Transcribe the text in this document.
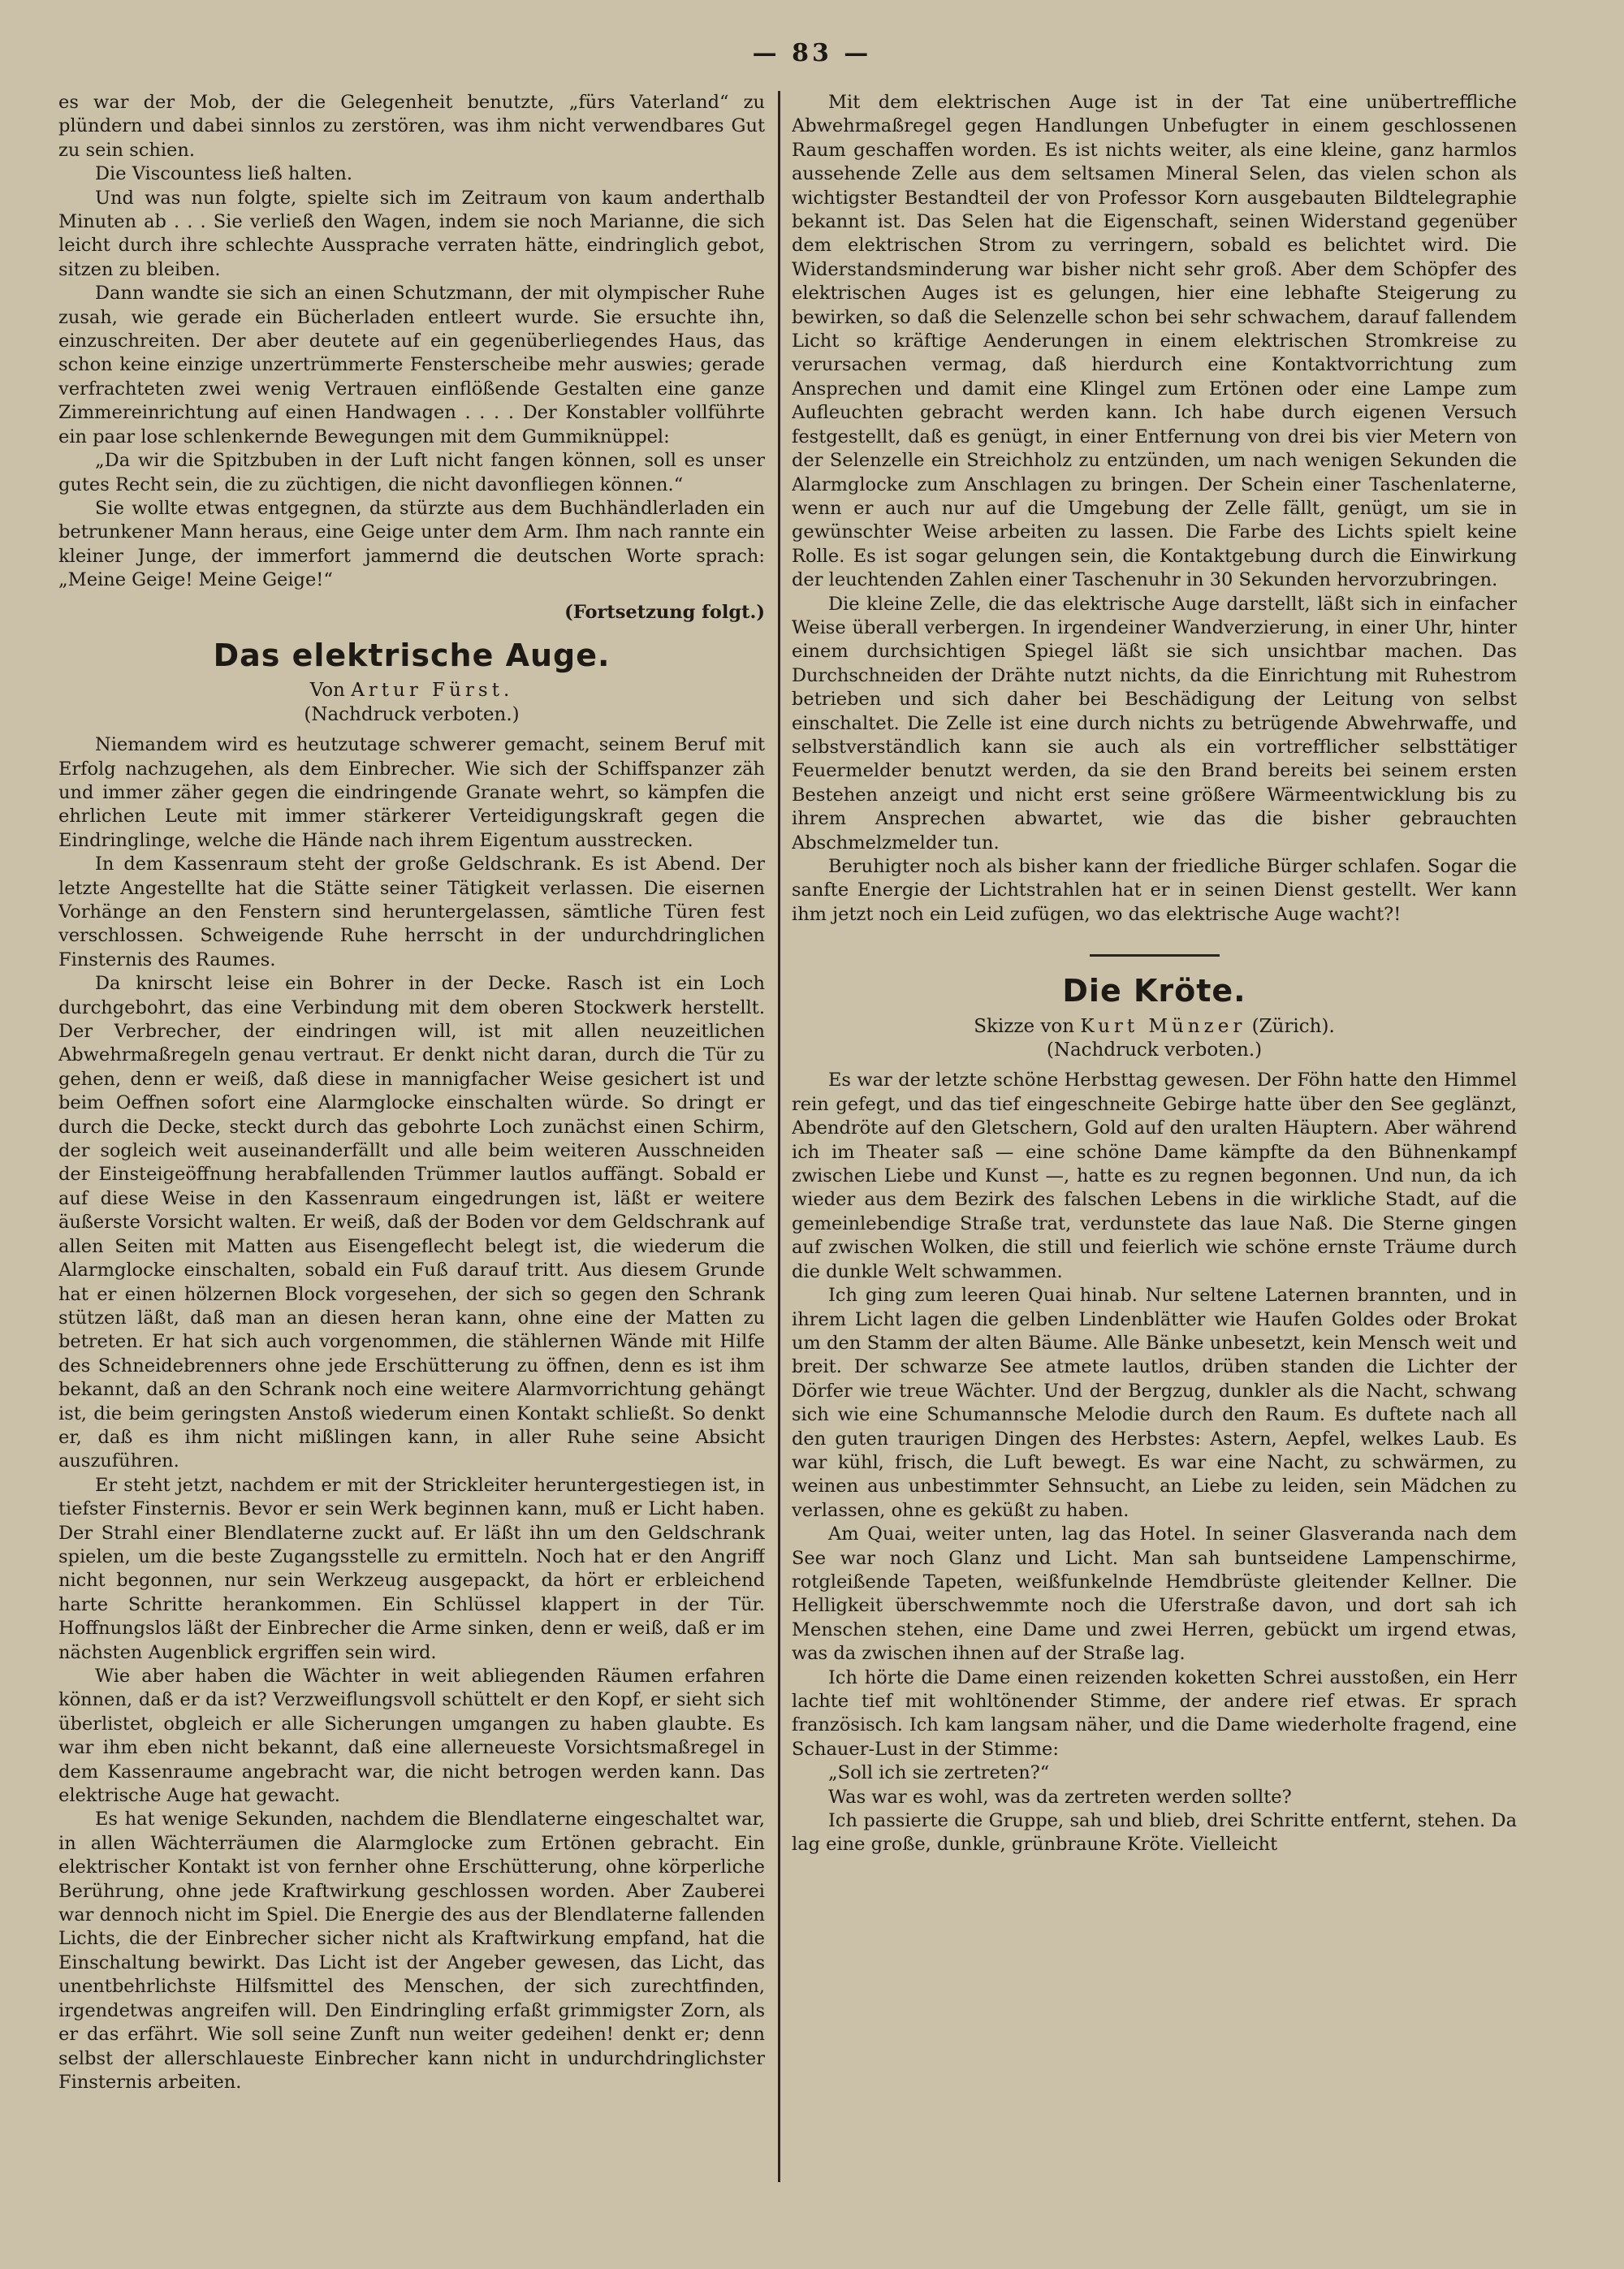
— 83 —

es war der Mob, der die Gelegenheit benutzte, „fürs Vaterland“ zu plündern und dabei sinnlos zu zerstören, was ihm nicht verwendbares Gut zu sein schien.

Die Viscountess ließ halten.

Und was nun folgte, spielte sich im Zeitraum von kaum anderthalb Minuten ab . . . Sie verließ den Wagen, indem sie noch Marianne, die sich leicht durch ihre schlechte Aussprache verraten hätte, eindringlich gebot, sitzen zu bleiben.

Dann wandte sie sich an einen Schutzmann, der mit olympischer Ruhe zusah, wie gerade ein Bücherladen entleert wurde. Sie ersuchte ihn, einzuschreiten. Der aber deutete auf ein gegenüberliegendes Haus, das schon keine einzige unzertrümmerte Fensterscheibe mehr auswies; gerade verfrachteten zwei wenig Vertrauen einflößende Gestalten eine ganze Zimmereinrichtung auf einen Handwagen . . . . Der Konstabler vollführte ein paar lose schlenkernde Bewegungen mit dem Gummiknüppel:

„Da wir die Spitzbuben in der Luft nicht fangen können, soll es unser gutes Recht sein, die zu züchtigen, die nicht davonfliegen können.“

Sie wollte etwas entgegnen, da stürzte aus dem Buchhändlerladen ein betrunkener Mann heraus, eine Geige unter dem Arm. Ihm nach rannte ein kleiner Junge, der immerfort jammernd die deutschen Worte sprach: „Meine Geige! Meine Geige!“

(Fortsetzung folgt.)
Das elektrische Auge.
Von Artur Fürst.
(Nachdruck verboten.)

Niemandem wird es heutzutage schwerer gemacht, seinem Beruf mit Erfolg nachzugehen, als dem Einbrecher. Wie sich der Schiffspanzer zäh und immer zäher gegen die eindringende Granate wehrt, so kämpfen die ehrlichen Leute mit immer stärkerer Verteidigungskraft gegen die Eindringlinge, welche die Hände nach ihrem Eigentum ausstrecken.

In dem Kassenraum steht der große Geldschrank. Es ist Abend. Der letzte Angestellte hat die Stätte seiner Tätigkeit verlassen. Die eisernen Vorhänge an den Fenstern sind heruntergelassen, sämtliche Türen fest verschlossen. Schweigende Ruhe herrscht in der undurchdringlichen Finsternis des Raumes.

Da knirscht leise ein Bohrer in der Decke. Rasch ist ein Loch durchgebohrt, das eine Verbindung mit dem oberen Stockwerk herstellt. Der Verbrecher, der eindringen will, ist mit allen neuzeitlichen Abwehrmaßregeln genau vertraut. Er denkt nicht daran, durch die Tür zu gehen, denn er weiß, daß diese in mannigfacher Weise gesichert ist und beim Oeffnen sofort eine Alarmglocke einschalten würde. So dringt er durch die Decke, steckt durch das gebohrte Loch zunächst einen Schirm, der sogleich weit auseinanderfällt und alle beim weiteren Ausschneiden der Einsteigeöffnung herabfallenden Trümmer lautlos auffängt. Sobald er auf diese Weise in den Kassenraum eingedrungen ist, läßt er weitere äußerste Vorsicht walten. Er weiß, daß der Boden vor dem Geldschrank auf allen Seiten mit Matten aus Eisengeflecht belegt ist, die wiederum die Alarmglocke einschalten, sobald ein Fuß darauf tritt. Aus diesem Grunde hat er einen hölzernen Block vorgesehen, der sich so gegen den Schrank stützen läßt, daß man an diesen heran kann, ohne eine der Matten zu betreten. Er hat sich auch vorgenommen, die stählernen Wände mit Hilfe des Schneidebrenners ohne jede Erschütterung zu öffnen, denn es ist ihm bekannt, daß an den Schrank noch eine weitere Alarmvorrichtung gehängt ist, die beim geringsten Anstoß wiederum einen Kontakt schließt. So denkt er, daß es ihm nicht mißlingen kann, in aller Ruhe seine Absicht auszuführen.

Er steht jetzt, nachdem er mit der Strickleiter heruntergestiegen ist, in tiefster Finsternis. Bevor er sein Werk beginnen kann, muß er Licht haben. Der Strahl einer Blendlaterne zuckt auf. Er läßt ihn um den Geldschrank spielen, um die beste Zugangsstelle zu ermitteln. Noch hat er den Angriff nicht begonnen, nur sein Werkzeug ausgepackt, da hört er erbleichend harte Schritte herankommen. Ein Schlüssel klappert in der Tür. Hoffnungslos läßt der Einbrecher die Arme sinken, denn er weiß, daß er im nächsten Augenblick ergriffen sein wird.

Wie aber haben die Wächter in weit abliegenden Räumen erfahren können, daß er da ist? Verzweiflungsvoll schüttelt er den Kopf, er sieht sich überlistet, obgleich er alle Sicherungen umgangen zu haben glaubte. Es war ihm eben nicht bekannt, daß eine allerneueste Vorsichtsmaßregel in dem Kassenraume angebracht war, die nicht betrogen werden kann. Das elektrische Auge hat gewacht.

Es hat wenige Sekunden, nachdem die Blendlaterne eingeschaltet war, in allen Wächterräumen die Alarmglocke zum Ertönen gebracht. Ein elektrischer Kontakt ist von fernher ohne Erschütterung, ohne körperliche Berührung, ohne jede Kraftwirkung geschlossen worden. Aber Zauberei war dennoch nicht im Spiel. Die Energie des aus der Blendlaterne fallenden Lichts, die der Einbrecher sicher nicht als Kraftwirkung empfand, hat die Einschaltung bewirkt. Das Licht ist der Angeber gewesen, das Licht, das unentbehrlichste Hilfsmittel des Menschen, der sich zurechtfinden, irgendetwas angreifen will. Den Eindringling erfaßt grimmigster Zorn, als er das erfährt. Wie soll seine Zunft nun weiter gedeihen! denkt er; denn selbst der allerschlaueste Einbrecher kann nicht in undurchdringlichster Finsternis arbeiten.

Mit dem elektrischen Auge ist in der Tat eine unübertreffliche Abwehrmaßregel gegen Handlungen Unbefugter in einem geschlossenen Raum geschaffen worden. Es ist nichts weiter, als eine kleine, ganz harmlos aussehende Zelle aus dem seltsamen Mineral Selen, das vielen schon als wichtigster Bestandteil der von Professor Korn ausgebauten Bildtelegraphie bekannt ist. Das Selen hat die Eigenschaft, seinen Widerstand gegenüber dem elektrischen Strom zu verringern, sobald es belichtet wird. Die Widerstandsminderung war bisher nicht sehr groß. Aber dem Schöpfer des elektrischen Auges ist es gelungen, hier eine lebhafte Steigerung zu bewirken, so daß die Selenzelle schon bei sehr schwachem, darauf fallendem Licht so kräftige Aenderungen in einem elektrischen Stromkreise zu verursachen vermag, daß hierdurch eine Kontaktvorrichtung zum Ansprechen und damit eine Klingel zum Ertönen oder eine Lampe zum Aufleuchten gebracht werden kann. Ich habe durch eigenen Versuch festgestellt, daß es genügt, in einer Entfernung von drei bis vier Metern von der Selenzelle ein Streichholz zu entzünden, um nach wenigen Sekunden die Alarmglocke zum Anschlagen zu bringen. Der Schein einer Taschenlaterne, wenn er auch nur auf die Umgebung der Zelle fällt, genügt, um sie in gewünschter Weise arbeiten zu lassen. Die Farbe des Lichts spielt keine Rolle. Es ist sogar gelungen sein, die Kontaktgebung durch die Einwirkung der leuchtenden Zahlen einer Taschenuhr in 30 Sekunden hervorzubringen.

Die kleine Zelle, die das elektrische Auge darstellt, läßt sich in einfacher Weise überall verbergen. In irgendeiner Wandverzierung, in einer Uhr, hinter einem durchsichtigen Spiegel läßt sie sich unsichtbar machen. Das Durchschneiden der Drähte nutzt nichts, da die Einrichtung mit Ruhestrom betrieben und sich daher bei Beschädigung der Leitung von selbst einschaltet. Die Zelle ist eine durch nichts zu betrügende Abwehrwaffe, und selbstverständlich kann sie auch als ein vortrefflicher selbsttätiger Feuermelder benutzt werden, da sie den Brand bereits bei seinem ersten Bestehen anzeigt und nicht erst seine größere Wärmeentwicklung bis zu ihrem Ansprechen abwartet, wie das die bisher gebrauchten Abschmelzmelder tun.

Beruhigter noch als bisher kann der friedliche Bürger schlafen. Sogar die sanfte Energie der Lichtstrahlen hat er in seinen Dienst gestellt. Wer kann ihm jetzt noch ein Leid zufügen, wo das elektrische Auge wacht?!

Die Kröte.
Skizze von Kurt Münzer (Zürich).
(Nachdruck verboten.)

Es war der letzte schöne Herbsttag gewesen. Der Föhn hatte den Himmel rein gefegt, und das tief eingeschneite Gebirge hatte über den See geglänzt, Abendröte auf den Gletschern, Gold auf den uralten Häuptern. Aber während ich im Theater saß — eine schöne Dame kämpfte da den Bühnenkampf zwischen Liebe und Kunst —, hatte es zu regnen begonnen. Und nun, da ich wieder aus dem Bezirk des falschen Lebens in die wirkliche Stadt, auf die gemeinlebendige Straße trat, verdunstete das laue Naß. Die Sterne gingen auf zwischen Wolken, die still und feierlich wie schöne ernste Träume durch die dunkle Welt schwammen.

Ich ging zum leeren Quai hinab. Nur seltene Laternen brannten, und in ihrem Licht lagen die gelben Lindenblätter wie Haufen Goldes oder Brokat um den Stamm der alten Bäume. Alle Bänke unbesetzt, kein Mensch weit und breit. Der schwarze See atmete lautlos, drüben standen die Lichter der Dörfer wie treue Wächter. Und der Bergzug, dunkler als die Nacht, schwang sich wie eine Schumannsche Melodie durch den Raum. Es duftete nach all den guten traurigen Dingen des Herbstes: Astern, Aepfel, welkes Laub. Es war kühl, frisch, die Luft bewegt. Es war eine Nacht, zu schwärmen, zu weinen aus unbestimmter Sehnsucht, an Liebe zu leiden, sein Mädchen zu verlassen, ohne es geküßt zu haben.

Am Quai, weiter unten, lag das Hotel. In seiner Glasveranda nach dem See war noch Glanz und Licht. Man sah buntseidene Lampenschirme, rotgleißende Tapeten, weißfunkelnde Hemdbrüste gleitender Kellner. Die Helligkeit überschwemmte noch die Uferstraße davon, und dort sah ich Menschen stehen, eine Dame und zwei Herren, gebückt um irgend etwas, was da zwischen ihnen auf der Straße lag.

Ich hörte die Dame einen reizenden koketten Schrei ausstoßen, ein Herr lachte tief mit wohltönender Stimme, der andere rief etwas. Er sprach französisch. Ich kam langsam näher, und die Dame wiederholte fragend, eine Schauer-Lust in der Stimme:

„Soll ich sie zertreten?“

Was war es wohl, was da zertreten werden sollte?

Ich passierte die Gruppe, sah und blieb, drei Schritte entfernt, stehen. Da lag eine große, dunkle, grünbraune Kröte. Vielleicht
